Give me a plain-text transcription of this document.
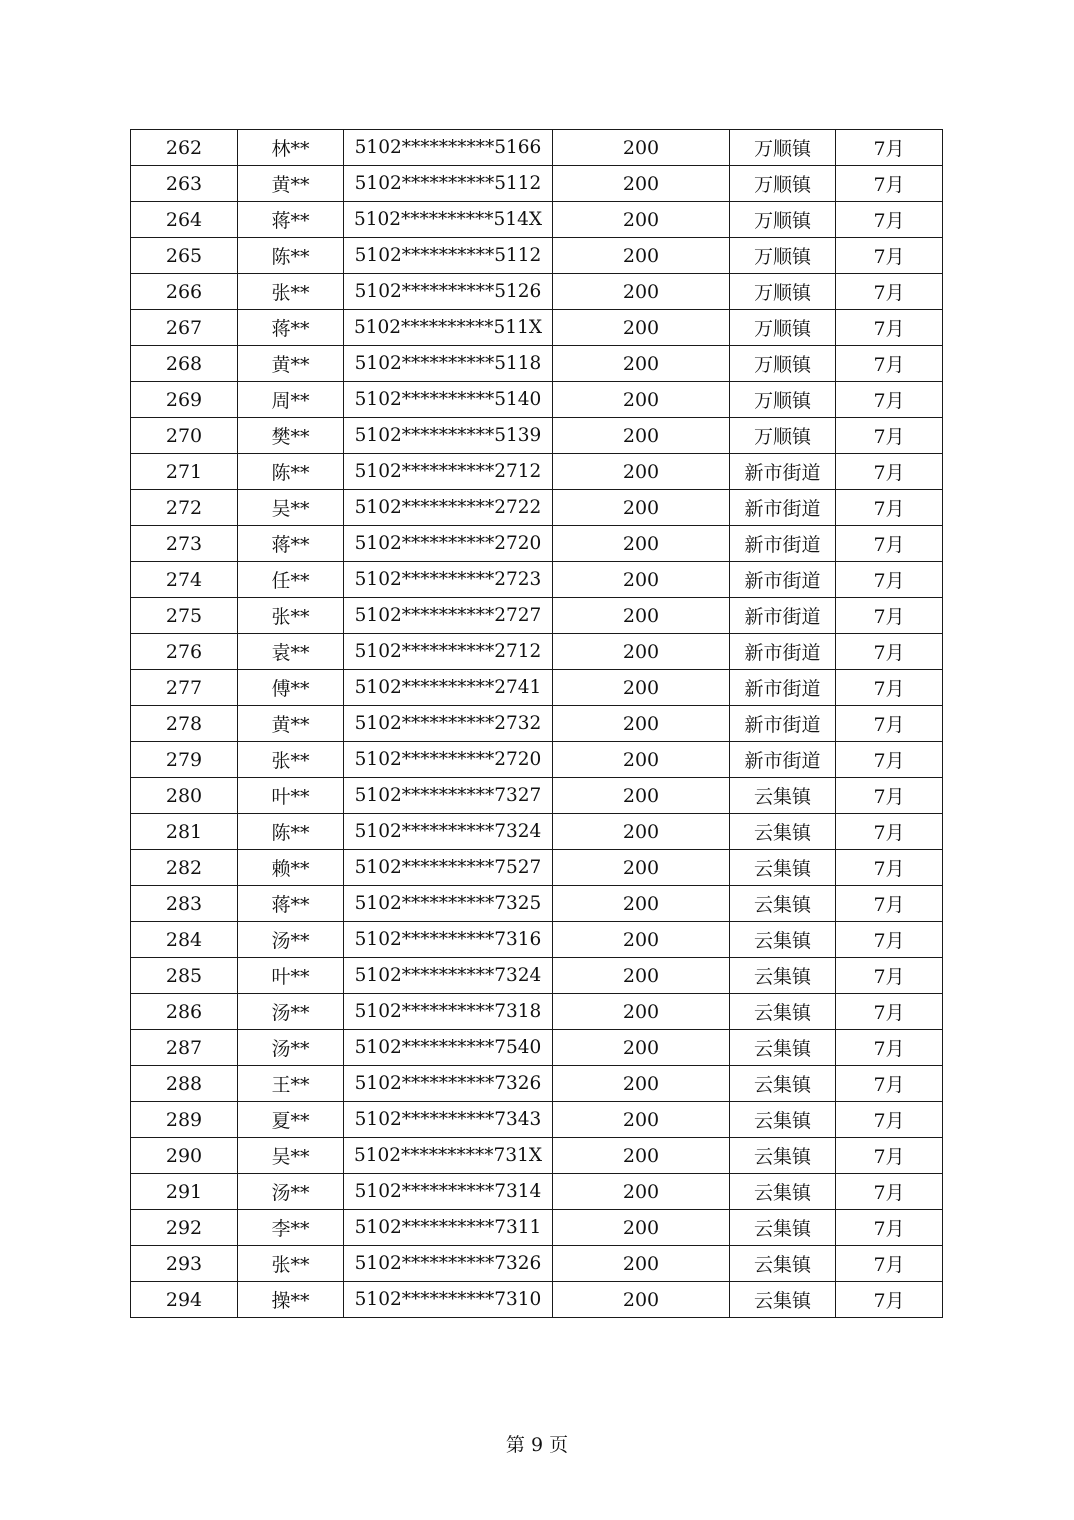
262	林**	5102**********5166	200	万顺镇	7月
263	黄**	5102**********5112	200	万顺镇	7月
264	蒋**	5102**********514X	200	万顺镇	7月
265	陈**	5102**********5112	200	万顺镇	7月
266	张**	5102**********5126	200	万顺镇	7月
267	蒋**	5102**********511X	200	万顺镇	7月
268	黄**	5102**********5118	200	万顺镇	7月
269	周**	5102**********5140	200	万顺镇	7月
270	樊**	5102**********5139	200	万顺镇	7月
271	陈**	5102**********2712	200	新市街道	7月
272	吴**	5102**********2722	200	新市街道	7月
273	蒋**	5102**********2720	200	新市街道	7月
274	任**	5102**********2723	200	新市街道	7月
275	张**	5102**********2727	200	新市街道	7月
276	袁**	5102**********2712	200	新市街道	7月
277	傅**	5102**********2741	200	新市街道	7月
278	黄**	5102**********2732	200	新市街道	7月
279	张**	5102**********2720	200	新市街道	7月
280	叶**	5102**********7327	200	云集镇	7月
281	陈**	5102**********7324	200	云集镇	7月
282	赖**	5102**********7527	200	云集镇	7月
283	蒋**	5102**********7325	200	云集镇	7月
284	汤**	5102**********7316	200	云集镇	7月
285	叶**	5102**********7324	200	云集镇	7月
286	汤**	5102**********7318	200	云集镇	7月
287	汤**	5102**********7540	200	云集镇	7月
288	王**	5102**********7326	200	云集镇	7月
289	夏**	5102**********7343	200	云集镇	7月
290	吴**	5102**********731X	200	云集镇	7月
291	汤**	5102**********7314	200	云集镇	7月
292	李**	5102**********7311	200	云集镇	7月
293	张**	5102**********7326	200	云集镇	7月
294	操**	5102**********7310	200	云集镇	7月
第 9 页
